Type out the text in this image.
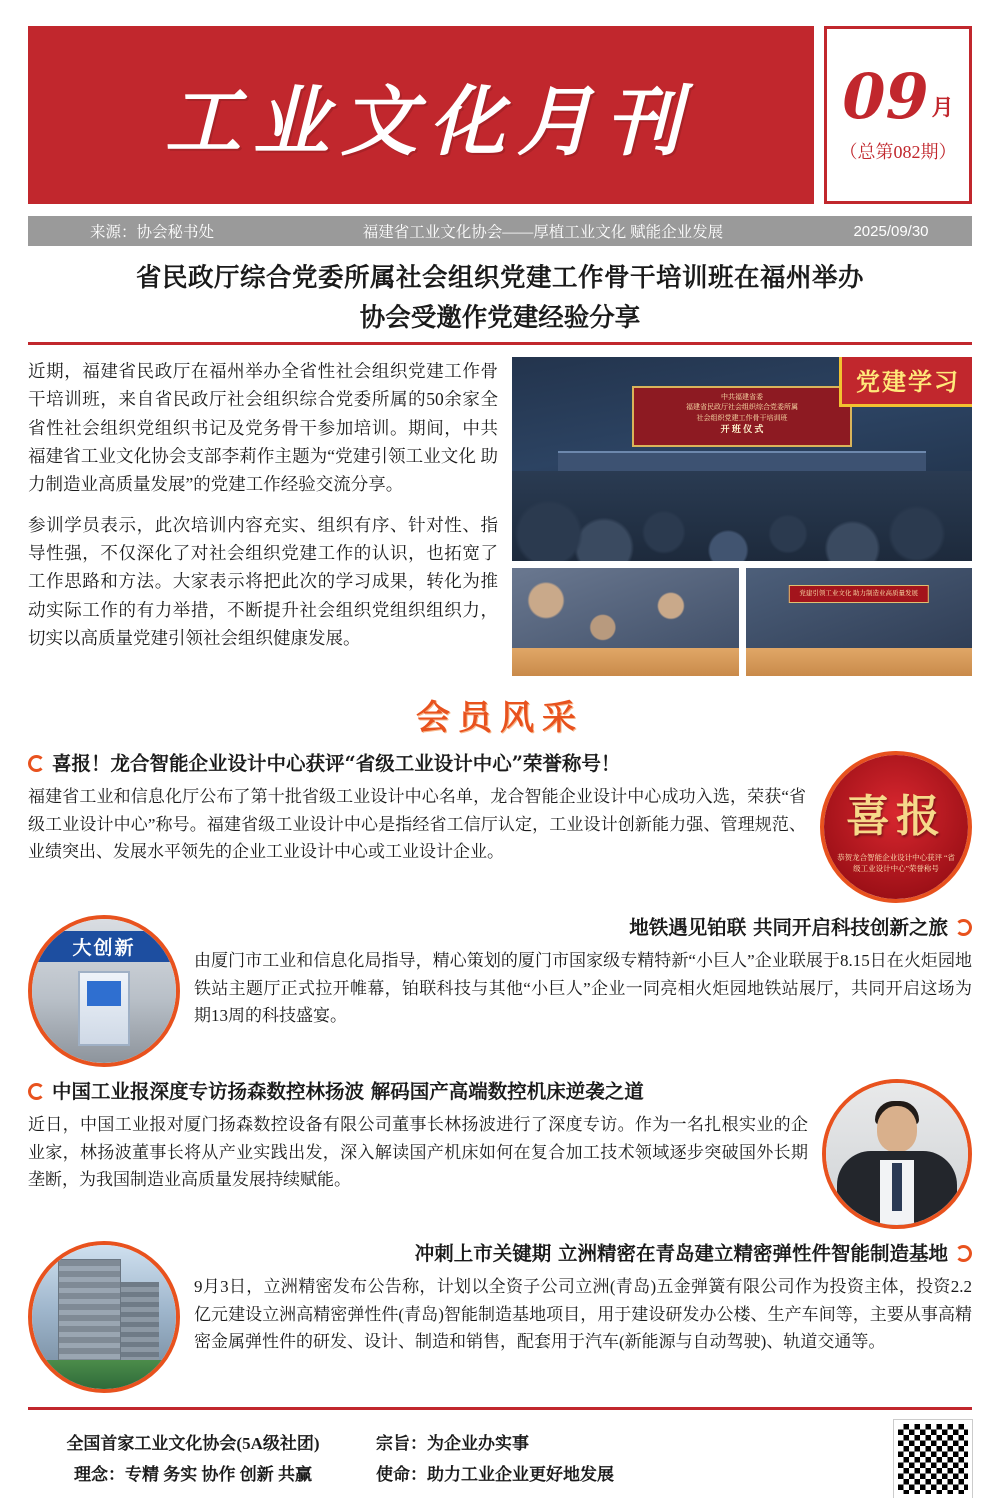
工业文化月刊 09 月
（总第082期）
来源：协会秘书处	福建省工业文化协会——厚植工业文化 赋能企业发展	2025/09/30
省民政厅综合党委所属社会组织党建工作骨干培训班在福州举办
协会受邀作党建经验分享

近期，福建省民政厅在福州举办全省性社会组织党建工作骨干培训班，来自省民政厅社会组织综合党委所属的50余家全省性社会组织党组织书记及党务骨干参加培训。期间，中共福建省工业文化协会支部李莉作主题为“党建引领工业文化 助力制造业高质量发展”的党建工作经验交流分享。

参训学员表示，此次培训内容充实、组织有序、针对性、指导性强，不仅深化了对社会组织党建工作的认识，也拓宽了工作思路和方法。大家表示将把此次的学习成果，转化为推动实际工作的有力举措，不断提升社会组织党组织组织力，切实以高质量党建引领社会组织健康发展。

党建学习
中共福建省委
福建省民政厅社会组织综合党委所属
社会组织党建工作骨干培训班
开 班 仪 式
党建引领工业文化 助力制造业高质量发展
会员风采
喜报！龙合智能企业设计中心获评“省级工业设计中心”荣誉称号！

福建省工业和信息化厅公布了第十批省级工业设计中心名单，龙合智能企业设计中心成功入选，荣获“省级工业设计中心”称号。福建省级工业设计中心是指经省工信厅认定，工业设计创新能力强、管理规范、业绩突出、发展水平领先的企业工业设计中心或工业设计企业。

喜报
恭贺龙合智能企业设计中心获评 “省级工业设计中心”荣誉称号
大创新
地铁遇见铂联 共同开启科技创新之旅

由厦门市工业和信息化局指导，精心策划的厦门市国家级专精特新“小巨人”企业联展于8.15日在火炬园地铁站主题厅正式拉开帷幕，铂联科技与其他“小巨人”企业一同亮相火炬园地铁站展厅，共同开启这场为期13周的科技盛宴。

中国工业报深度专访扬森数控林扬波 解码国产高端数控机床逆袭之道

近日，中国工业报对厦门扬森数控设备有限公司董事长林扬波进行了深度专访。作为一名扎根实业的企业家，林扬波董事长将从产业实践出发，深入解读国产机床如何在复合加工技术领域逐步突破国外长期垄断，为我国制造业高质量发展持续赋能。

冲刺上市关键期 立洲精密在青岛建立精密弹性件智能制造基地

9月3日，立洲精密发布公告称，计划以全资子公司立洲(青岛)五金弹簧有限公司作为投资主体，投资2.2亿元建设立洲高精密弹性件(青岛)智能制造基地项目，用于建设研发办公楼、生产车间等，主要从事高精密金属弹性件的研发、设计、制造和销售，配套用于汽车(新能源与自动驾驶)、轨道交通等。

全国首家工业文化协会(5A级社团)
理念：专精 务实 协作 创新 共赢
宗旨：为企业办实事
使命：助力工业企业更好地发展
